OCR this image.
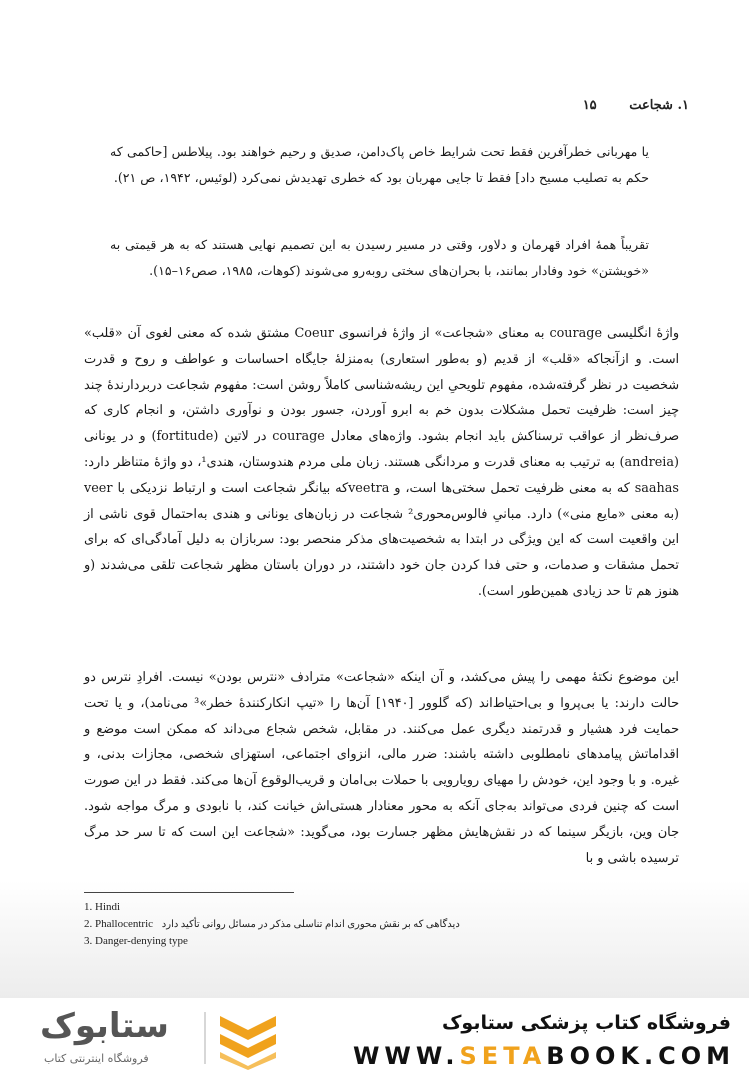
۱. شجاعت ۱۵
یا مهربانی خطرآفرین فقط تحت شرایط خاص پاک‌دامن، صدیق و رحیم خواهند بود. پیلاطس [حاکمی که حکم به تصلیب مسیح داد] فقط تا جایی مهربان بود که خطری تهدیدش نمی‌کرد (لوئیس، ۱۹۴۲، ص ۲۱).
تقریباً همهٔ افراد قهرمان و دلاور، وقتی در مسیر رسیدن به این تصمیم نهایی هستند که به هر قیمتی به «خویشتن» خود وفادار بمانند، با بحران‌های سختی روبه‌رو می‌شوند (کوهات، ۱۹۸۵، صص۱۶–۱۵).

واژهٔ انگلیسی courage به معنای «شجاعت» از واژهٔ فرانسوی Coeur مشتق شده که معنی لغوی آن «قلب» است. و ازآنجاکه «قلب» از قدیم (و به‌طور استعاری) به‌منزلهٔ جایگاه احساسات و عواطف و روح و قدرت شخصیت در نظر گرفته‌شده، مفهوم تلویحیِ این ریشه‌شناسی کاملاً روشن است: مفهوم شجاعت دربردارندهٔ چند چیز است: ظرفیت تحمل مشکلات بدون خم به ابرو آوردن، جسور بودن و نوآوری داشتن، و انجام کاری که صرف‌نظر از عواقب ترسناکش باید انجام بشود. واژه‌های معادل courage در لاتین (fortitude) و در یونانی (andreia) به ترتیب به معنای قدرت و مردانگی هستند. زبان ملی مردم هندوستان، هندی¹، دو واژهٔ متناظر دارد: saahas که به معنی ظرفیت تحمل سختی‌ها است، و veetraکه بیانگر شجاعت است و ارتباط نزدیکی با veer (به معنی «مایع منی») دارد. مبانیِ فالوس‌محوری² شجاعت در زبان‌های یونانی و هندی به‌احتمال قوی ناشی از این واقعیت است که این ویژگی در ابتدا به شخصیت‌های مذکر منحصر بود: سربازان به دلیل آمادگی‌ای که برای تحمل مشقات و صدمات، و حتی فدا کردن جان خود داشتند، در دوران باستان مظهر شجاعت تلقی می‌شدند (و هنوز هم تا حد زیادی همین‌طور است).

این موضوع نکتهٔ مهمی را پیش می‌کشد، و آن اینکه «شجاعت» مترادف «نترس بودن» نیست. افرادِ نترس دو حالت دارند: یا بی‌پروا و بی‌احتیاط‌اند (که گلوور [۱۹۴۰] آن‌ها را «تیپ انکارکنندهٔ خطر»³ می‌نامد)، و یا تحت حمایت فرد هشیار و قدرتمند دیگری عمل می‌کنند. در مقابل، شخص شجاع می‌داند که ممکن است موضع و اقداماتش پیامدهای نامطلوبی داشته باشند: ضرر مالی، انزوای اجتماعی، استهزای شخصی، مجازات بدنی، و غیره. و با وجود این، خودش را مهیای رویارویی با حملات بی‌امان و قریب‌الوقوع آن‌ها می‌کند. فقط در این صورت است که چنین فردی می‌تواند به‌جای آنکه به محور معنادار هستی‌اش خیانت کند، با نابودی و مرگ مواجه شود. جان وین، بازیگر سینما که در نقش‌هایش مظهر جسارت بود، می‌گوید: «شجاعت این است که تا سر حد مرگ ترسیده باشی و با

1. Hindi
2. Phallocentric دیدگاهی که بر نقش محوری اندام تناسلی مذکر در مسائل روانی تأکید دارد
3. Danger-denying type
ستابوک
فروشگاه اینترنتی کتاب
فروشگاه کتاب پزشکی ستابوک
WWW.SETABOOK.COM
